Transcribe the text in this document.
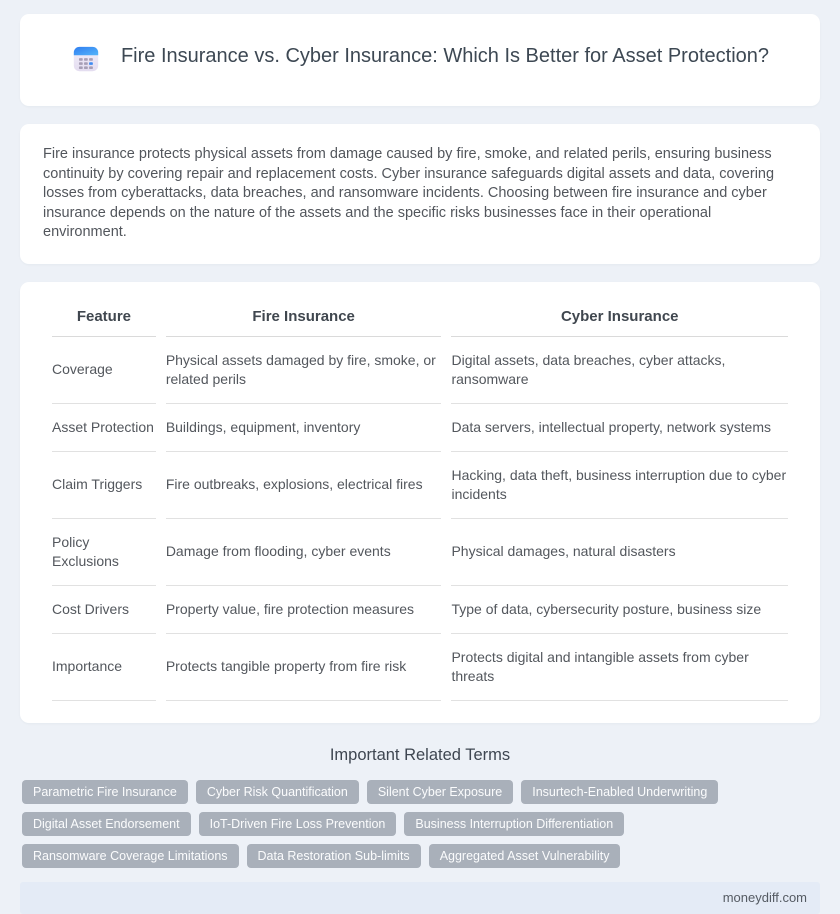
Fire Insurance vs. Cyber Insurance: Which Is Better for Asset Protection?

Fire insurance protects physical assets from damage caused by fire, smoke, and related perils, ensuring business continuity by covering repair and replacement costs. Cyber insurance safeguards digital assets and data, covering losses from cyberattacks, data breaches, and ransomware incidents. Choosing between fire insurance and cyber insurance depends on the nature of the assets and the specific risks businesses face in their operational environment.

Feature	Fire Insurance	Cyber Insurance
Coverage	Physical assets damaged by fire, smoke, or related perils	Digital assets, data breaches, cyber attacks, ransomware
Asset Protection	Buildings, equipment, inventory	Data servers, intellectual property, network systems
Claim Triggers	Fire outbreaks, explosions, electrical fires	Hacking, data theft, business interruption due to cyber incidents
Policy Exclusions	Damage from flooding, cyber events	Physical damages, natural disasters
Cost Drivers	Property value, fire protection measures	Type of data, cybersecurity posture, business size
Importance	Protects tangible property from fire risk	Protects digital and intangible assets from cyber threats
Important Related Terms
Parametric Fire Insurance	Cyber Risk Quantification	Silent Cyber Exposure	Insurtech-Enabled Underwriting
Digital Asset Endorsement	IoT-Driven Fire Loss Prevention	Business Interruption Differentiation
Ransomware Coverage Limitations	Data Restoration Sub-limits	Aggregated Asset Vulnerability
moneydiff.com
